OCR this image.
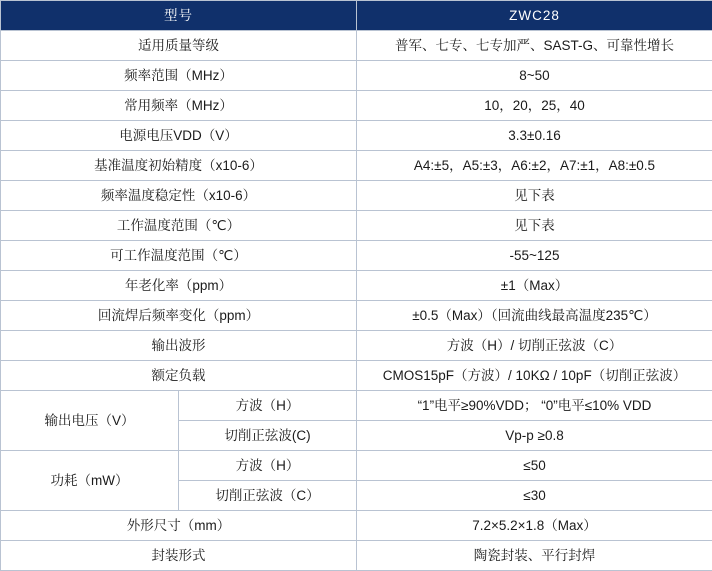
型号		ZWC28
适用质量等级		普军、七专、七专加严、SAST-G、可靠性增长
频率范围（MHz）		8~50
常用频率（MHz）		10，20，25，40
电源电压VDD（V）		3.3±0.16
基准温度初始精度（x10-6）		A4:±5，A5:±3，A6:±2，A7:±1，A8:±0.5
频率温度稳定性（x10-6）		见下表
工作温度范围（℃）		见下表
可工作温度范围（℃）		-55~125
年老化率（ppm）		±1（Max）
回流焊后频率变化（ppm）		±0.5（Max）（回流曲线最高温度235℃）
输出波形		方波（H）/ 切削正弦波（C）
额定负载		CMOS15pF（方波）/ 10KΩ / 10pF（切削正弦波）
输出电压（V）	方波（H）	“1”电平≥90%VDD； “0”电平≤10% VDD
	切削正弦波(C)	Vp-p ≥0.8
功耗（mW）	方波（H）	≤50
	切削正弦波（C）	≤30
外形尺寸（mm）		7.2×5.2×1.8（Max）
封装形式		陶瓷封装、平行封焊
